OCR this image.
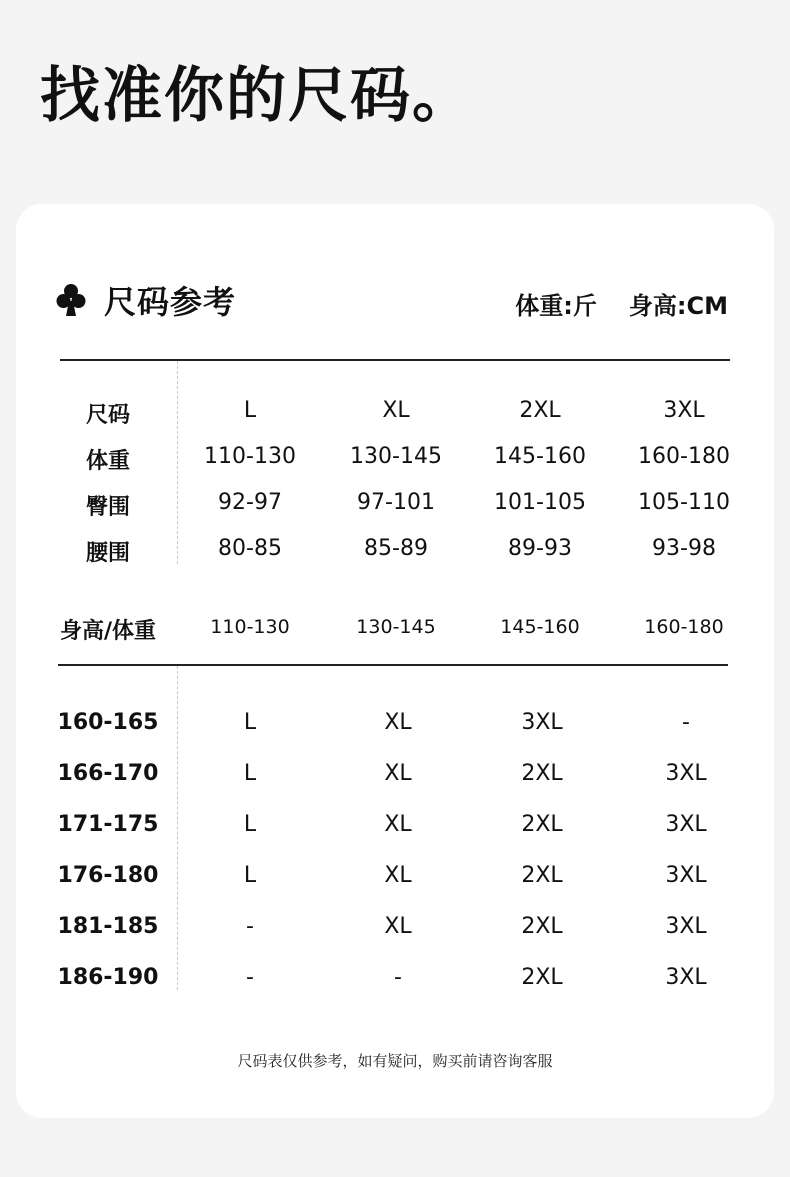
找准你的尺码。
尺码参考	体重:斤 身高:CM
尺码	L	XL	2XL	3XL
体重	110-130 130-145 145-160 160-180
臀围	92-97	97-101	101-105 105-110
腰围	80-85	85-89	89-93	93-98
身高/体重	110-130	130-145	145-160	160-180
160-165	L	XL	3XL	-
166-170	L	XL	2XL	3XL
171-175	L	XL	2XL	3XL
176-180	L	XL	2XL	3XL
181-185	-	XL	2XL	3XL
186-190	-	-	2XL	3XL
尺码表仅供参考，如有疑问，购买前请咨询客服
